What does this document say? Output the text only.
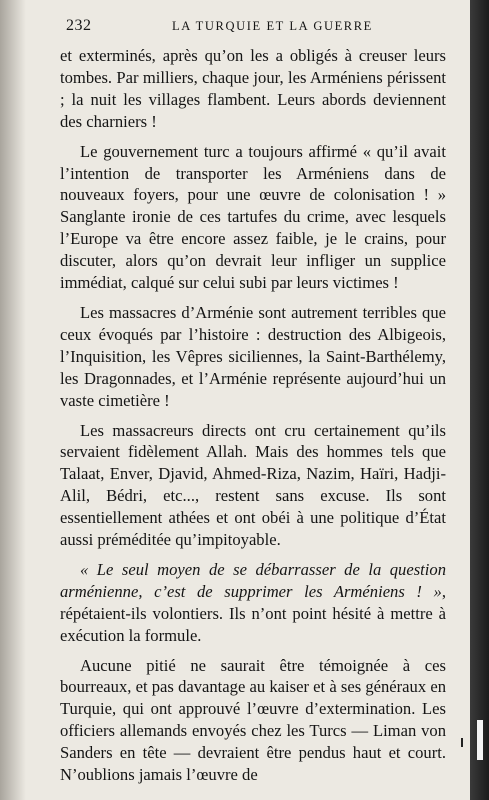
232	LA TURQUIE ET LA GUERRE

et exterminés, après qu’on les a obligés à creuser leurs tombes. Par milliers, chaque jour, les Arméniens périssent ; la nuit les villages flambent. Leurs abords deviennent des charniers !

Le gouvernement turc a toujours affirmé « qu’il avait l’intention de transporter les Arméniens dans de nouveaux foyers, pour une œuvre de colonisation ! » Sanglante ironie de ces tartufes du crime, avec lesquels l’Europe va être encore assez faible, je le crains, pour discuter, alors qu’on devrait leur infliger un supplice immédiat, calqué sur celui subi par leurs victimes !

Les massacres d’Arménie sont autrement terribles que ceux évoqués par l’histoire : destruction des Albigeois, l’Inquisition, les Vêpres siciliennes, la Saint-Barthélemy, les Dragonnades, et l’Arménie représente aujourd’hui un vaste cimetière !

Les massacreurs directs ont cru certainement qu’ils servaient fidèlement Allah. Mais des hommes tels que Talaat, Enver, Djavid, Ahmed-Riza, Nazim, Haïri, Hadji-Alil, Bédri, etc..., restent sans excuse. Ils sont essentiellement athées et ont obéi à une politique d’État aussi préméditée qu’impitoyable.

« Le seul moyen de se débarrasser de la question arménienne, c’est de supprimer les Arméniens ! », répétaient-ils volontiers. Ils n’ont point hésité à mettre à exécution la formule.

Aucune pitié ne saurait être témoignée à ces bourreaux, et pas davantage au kaiser et à ses généraux en Turquie, qui ont approuvé l’œuvre d’extermination. Les officiers allemands envoyés chez les Turcs — Liman von Sanders en tête — devraient être pendus haut et court. N’oublions jamais l’œuvre de
